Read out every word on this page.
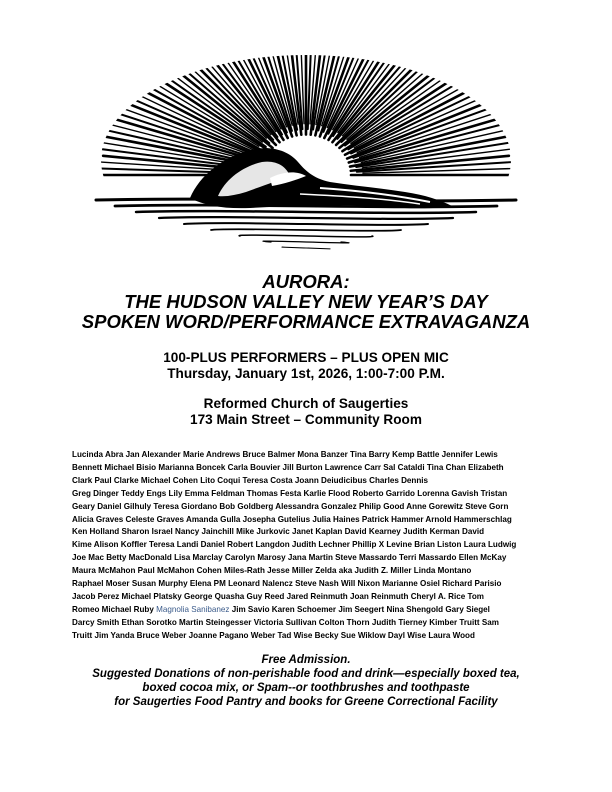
AURORA:
THE HUDSON VALLEY NEW YEAR’S DAY
SPOKEN WORD/PERFORMANCE EXTRAVAGANZA
100-PLUS PERFORMERS – PLUS OPEN MIC
Thursday, January 1st, 2026, 1:00-7:00 P.M.
Reformed Church of Saugerties
173 Main Street – Community Room
Lucinda Abra Jan Alexander Marie Andrews Bruce Balmer Mona Banzer Tina Barry Kemp Battle Jennifer Lewis
Bennett Michael Bisio Marianna Boncek Carla Bouvier Jill Burton Lawrence Carr Sal Cataldi Tina Chan Elizabeth
Clark Paul Clarke Michael Cohen Lito Coqui Teresa Costa Joann Deiudicibus Charles Dennis
Greg Dinger Teddy Engs Lily Emma Feldman Thomas Festa Karlie Flood Roberto Garrido Lorenna Gavish Tristan
Geary Daniel Gilhuly Teresa Giordano Bob Goldberg Alessandra Gonzalez Philip Good Anne Gorewitz Steve Gorn
Alicia Graves Celeste Graves Amanda Gulla Josepha Gutelius Julia Haines Patrick Hammer Arnold Hammerschlag
Ken Holland Sharon Israel Nancy Jainchill Mike Jurkovic Janet Kaplan David Kearney Judith Kerman David
Kime Alison Koffler Teresa Landi Daniel Robert Langdon Judith Lechner Phillip X Levine Brian Liston Laura Ludwig
Joe Mac Betty MacDonald Lisa Marclay Carolyn Marosy Jana Martin Steve Massardo Terri Massardo Ellen McKay
Maura McMahon Paul McMahon Cohen Miles-Rath Jesse Miller Zelda aka Judith Z. Miller Linda Montano
Raphael Moser Susan Murphy Elena PM Leonard Nalencz Steve Nash Will Nixon Marianne Osiel Richard Parisio
Jacob Perez Michael Platsky George Quasha Guy Reed Jared Reinmuth Joan Reinmuth Cheryl A. Rice Tom
Romeo Michael Ruby Magnolia Sanibanez Jim Savio Karen Schoemer Jim Seegert Nina Shengold Gary Siegel
Darcy Smith Ethan Sorotko Martin Steingesser Victoria Sullivan Colton Thorn Judith Tierney Kimber Truitt Sam
Truitt Jim Yanda Bruce Weber Joanne Pagano Weber Tad Wise Becky Sue Wiklow Dayl Wise Laura Wood
Free Admission.
Suggested Donations of non-perishable food and drink—especially boxed tea,
boxed cocoa mix, or Spam--or toothbrushes and toothpaste
for Saugerties Food Pantry and books for Greene Correctional Facility
